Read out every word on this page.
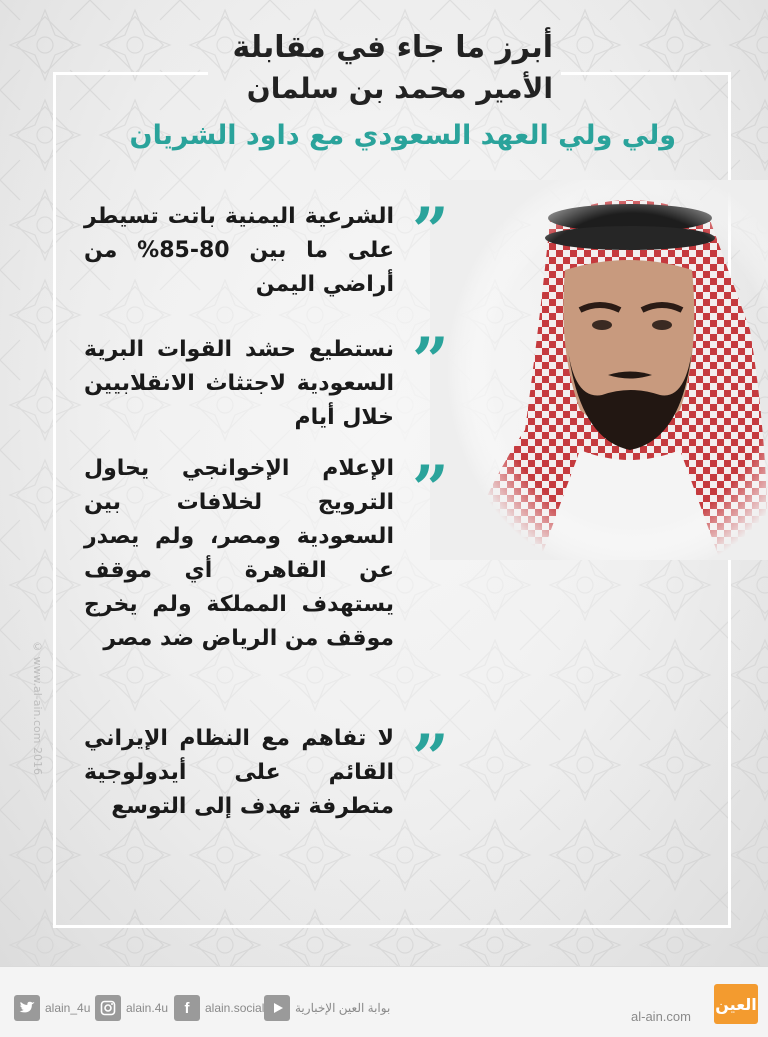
أبرز ما جاء في مقابلة
الأمير محمد بن سلمان
ولي ولي العهد السعودي مع داود الشريان
”
الشرعية اليمنية باتت تسيطر على ما بين 80-85% من أراضي اليمن
”
نستطيع حشد القوات البرية السعودية لاجتثاث الانقلابيين خلال أيام
”
الإعلام الإخوانجي يحاول الترويج لخلافات بين السعودية ومصر، ولم يصدر عن القاهرة أي موقف يستهدف المملكة ولم يخرج موقف من الرياض ضد مصر
”
لا تفاهم مع النظام الإيراني القائم على أيدولوجية متطرفة تهدف إلى التوسع
© www.al-ain.com 2016
alain_4u	alain.4u	f	alain.social	بوابة العين الإخبارية
al-ain.com
العين
